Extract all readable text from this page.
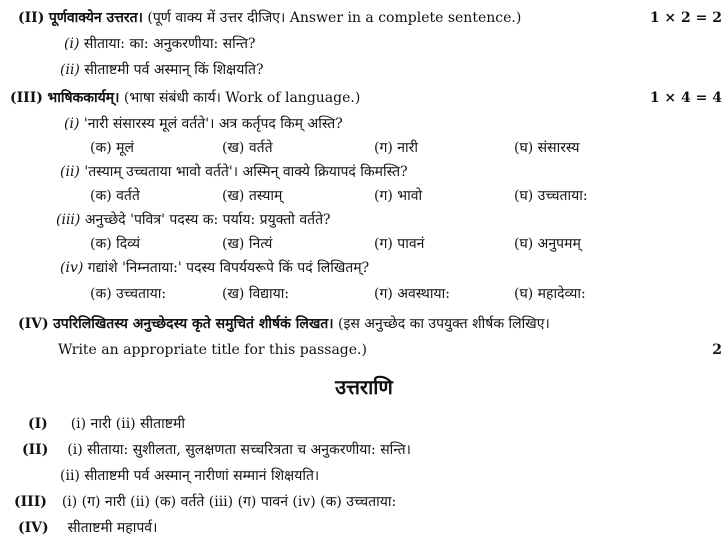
(II) पूर्णवाक्येन उत्तरत। (पूर्ण वाक्य में उत्तर दीजिए। Answer in a complete sentence.)	1 × 2 = 2
(i) सीताया: का: अनुकरणीया: सन्ति?
(ii) सीताष्टमी पर्व अस्मान् किं शिक्षयति?
(III) भाषिककार्यम्। (भाषा संबंधी कार्य। Work of language.)	1 × 4 = 4
(i) 'नारी संसारस्य मूलं वर्तते'। अत्र कर्तृपद किम् अस्ति?
(क) मूलं	(ख) वर्तते	(ग) नारी	(घ) संसारस्य
(ii) 'तस्याम् उच्चताया भावो वर्तते'। अस्मिन् वाक्ये क्रियापदं किमस्ति?
(क) वर्तते	(ख) तस्याम्	(ग) भावो	(घ) उच्चताया:
(iii) अनुच्छेदे 'पवित्र' पदस्य क: पर्याय: प्रयुक्तो वर्तते?
(क) दिव्यं	(ख) नित्यं	(ग) पावनं	(घ) अनुपमम्
(iv) गद्यांशे 'निम्नताया:' पदस्य विपर्ययरूपे किं पदं लिखितम्?
(क) उच्चताया:	(ख) विद्याया:	(ग) अवस्थाया:	(घ) महादेव्या:
(IV) उपरिलिखितस्य अनुच्छेदस्य कृते समुचितं शीर्षकं लिखत। (इस अनुच्छेद का उपयुक्त शीर्षक लिखिए।
Write an appropriate title for this passage.)	2
उत्तराणि
(I) (i) नारी (ii) सीताष्टमी
(II) (i) सीताया: सुशीलता, सुलक्षणता सच्चरित्रता च अनुकरणीया: सन्ति।
(ii) सीताष्टमी पर्व अस्मान् नारीणां सम्मानं शिक्षयति।
(III) (i) (ग) नारी (ii) (क) वर्तते (iii) (ग) पावनं (iv) (क) उच्चताया:
(IV) सीताष्टमी महापर्व।
